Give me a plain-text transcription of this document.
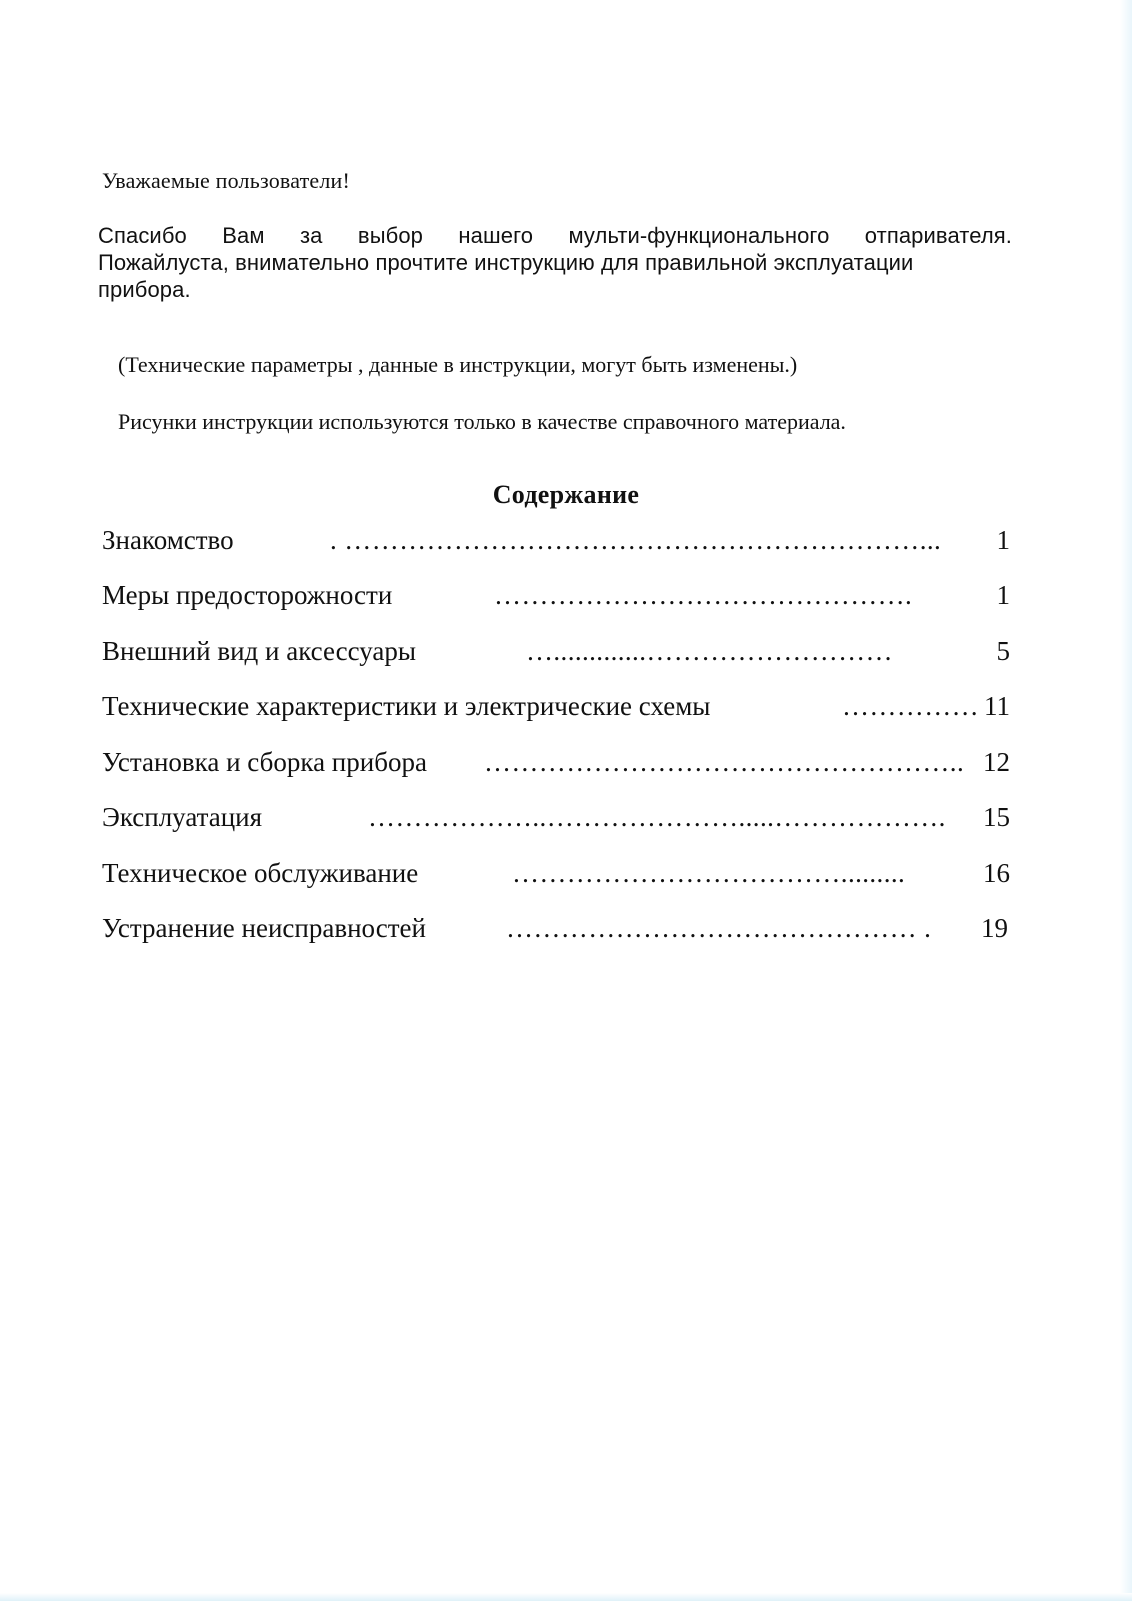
Уважаемые пользователи!
Спасибо Вам за выбор нашего мульти-функционального отпаривателя.
Пожайлуста, внимательно прочтите инструкцию для правильной эксплуатации
прибора.
(Технические параметры , данные в инструкции, могут быть изменены.)
Рисунки инструкции используются только в качестве справочного материала.
Содержание
Знакомство	. ………………………………………………………... 1
Меры предосторожности	……………………………………….	1
Внешний вид и аксессуары	….............………………………	5
Технические характеристики и электрические схемы	…………… 11
Установка и сборка прибора …………………………………………….. 12
Эксплуатация	………………..………………….....……………….	15
Техническое обслуживание	……………………………….........	16
Устранение неисправностей	……………………………………… . 19
